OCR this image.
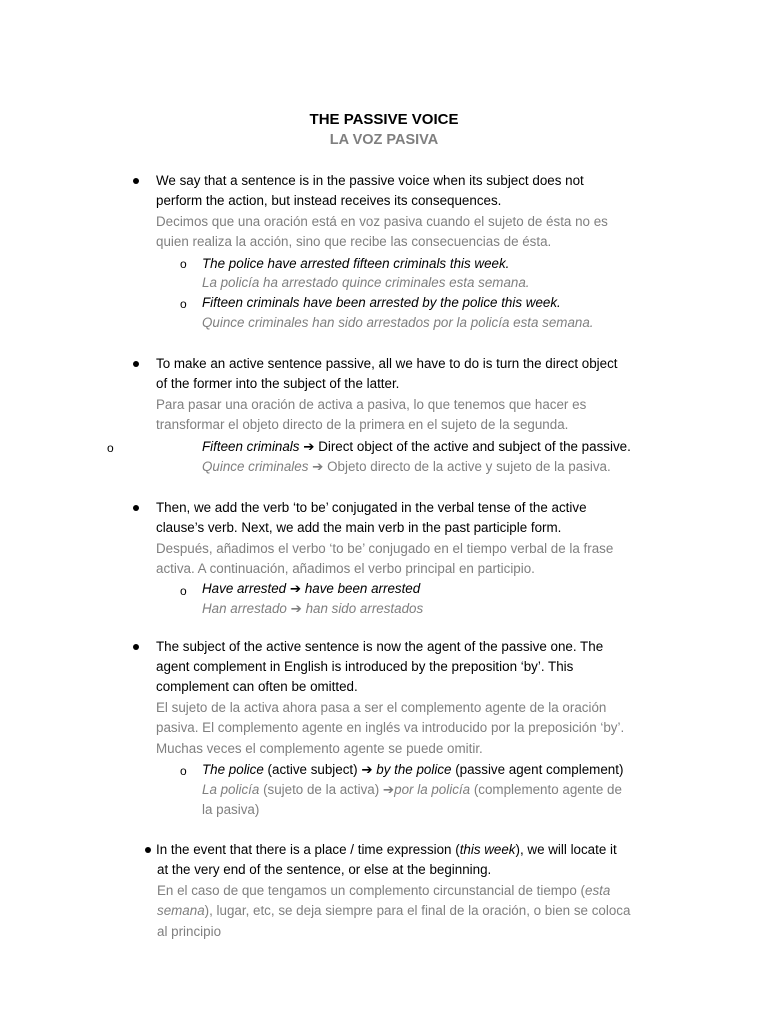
THE PASSIVE VOICE
LA VOZ PASIVA
We say that a sentence is in the passive voice when its subject does not
perform the action, but instead receives its consequences.
Decimos que una oración está en voz pasiva cuando el sujeto de ésta no es
quien realiza la acción, sino que recibe las consecuencias de ésta.
o The police have arrested fifteen criminals this week.
La policía ha arrestado quince criminales esta semana.
o Fifteen criminals have been arrested by the police this week.
Quince criminales han sido arrestados por la policía esta semana.
To make an active sentence passive, all we have to do is turn the direct object
of the former into the subject of the latter.
Para pasar una oración de activa a pasiva, lo que tenemos que hacer es
transformar el objeto directo de la primera en el sujeto de la segunda.
o	Fifteen criminals ➔ Direct object of the active and subject of the passive.
Quince criminales ➔ Objeto directo de la active y sujeto de la pasiva.
Then, we add the verb ‘to be’ conjugated in the verbal tense of the active
clause’s verb. Next, we add the main verb in the past participle form.
Después, añadimos el verbo ‘to be’ conjugado en el tiempo verbal de la frase
activa. A continuación, añadimos el verbo principal en participio.
o Have arrested ➔ have been arrested
Han arrestado ➔ han sido arrestados
The subject of the active sentence is now the agent of the passive one. The
agent complement in English is introduced by the preposition ‘by’. This
complement can often be omitted.
El sujeto de la activa ahora pasa a ser el complemento agente de la oración
pasiva. El complemento agente en inglés va introducido por la preposición ‘by’.
Muchas veces el complemento agente se puede omitir.
o The police (active subject) ➔ by the police (passive agent complement)
La policía (sujeto de la activa) ➔por la policía (complemento agente de
la pasiva)
In the event that there is a place / time expression (this week), we will locate it
at the very end of the sentence, or else at the beginning.
En el caso de que tengamos un complemento circunstancial de tiempo (esta
semana), lugar, etc, se deja siempre para el final de la oración, o bien se coloca
al principio
